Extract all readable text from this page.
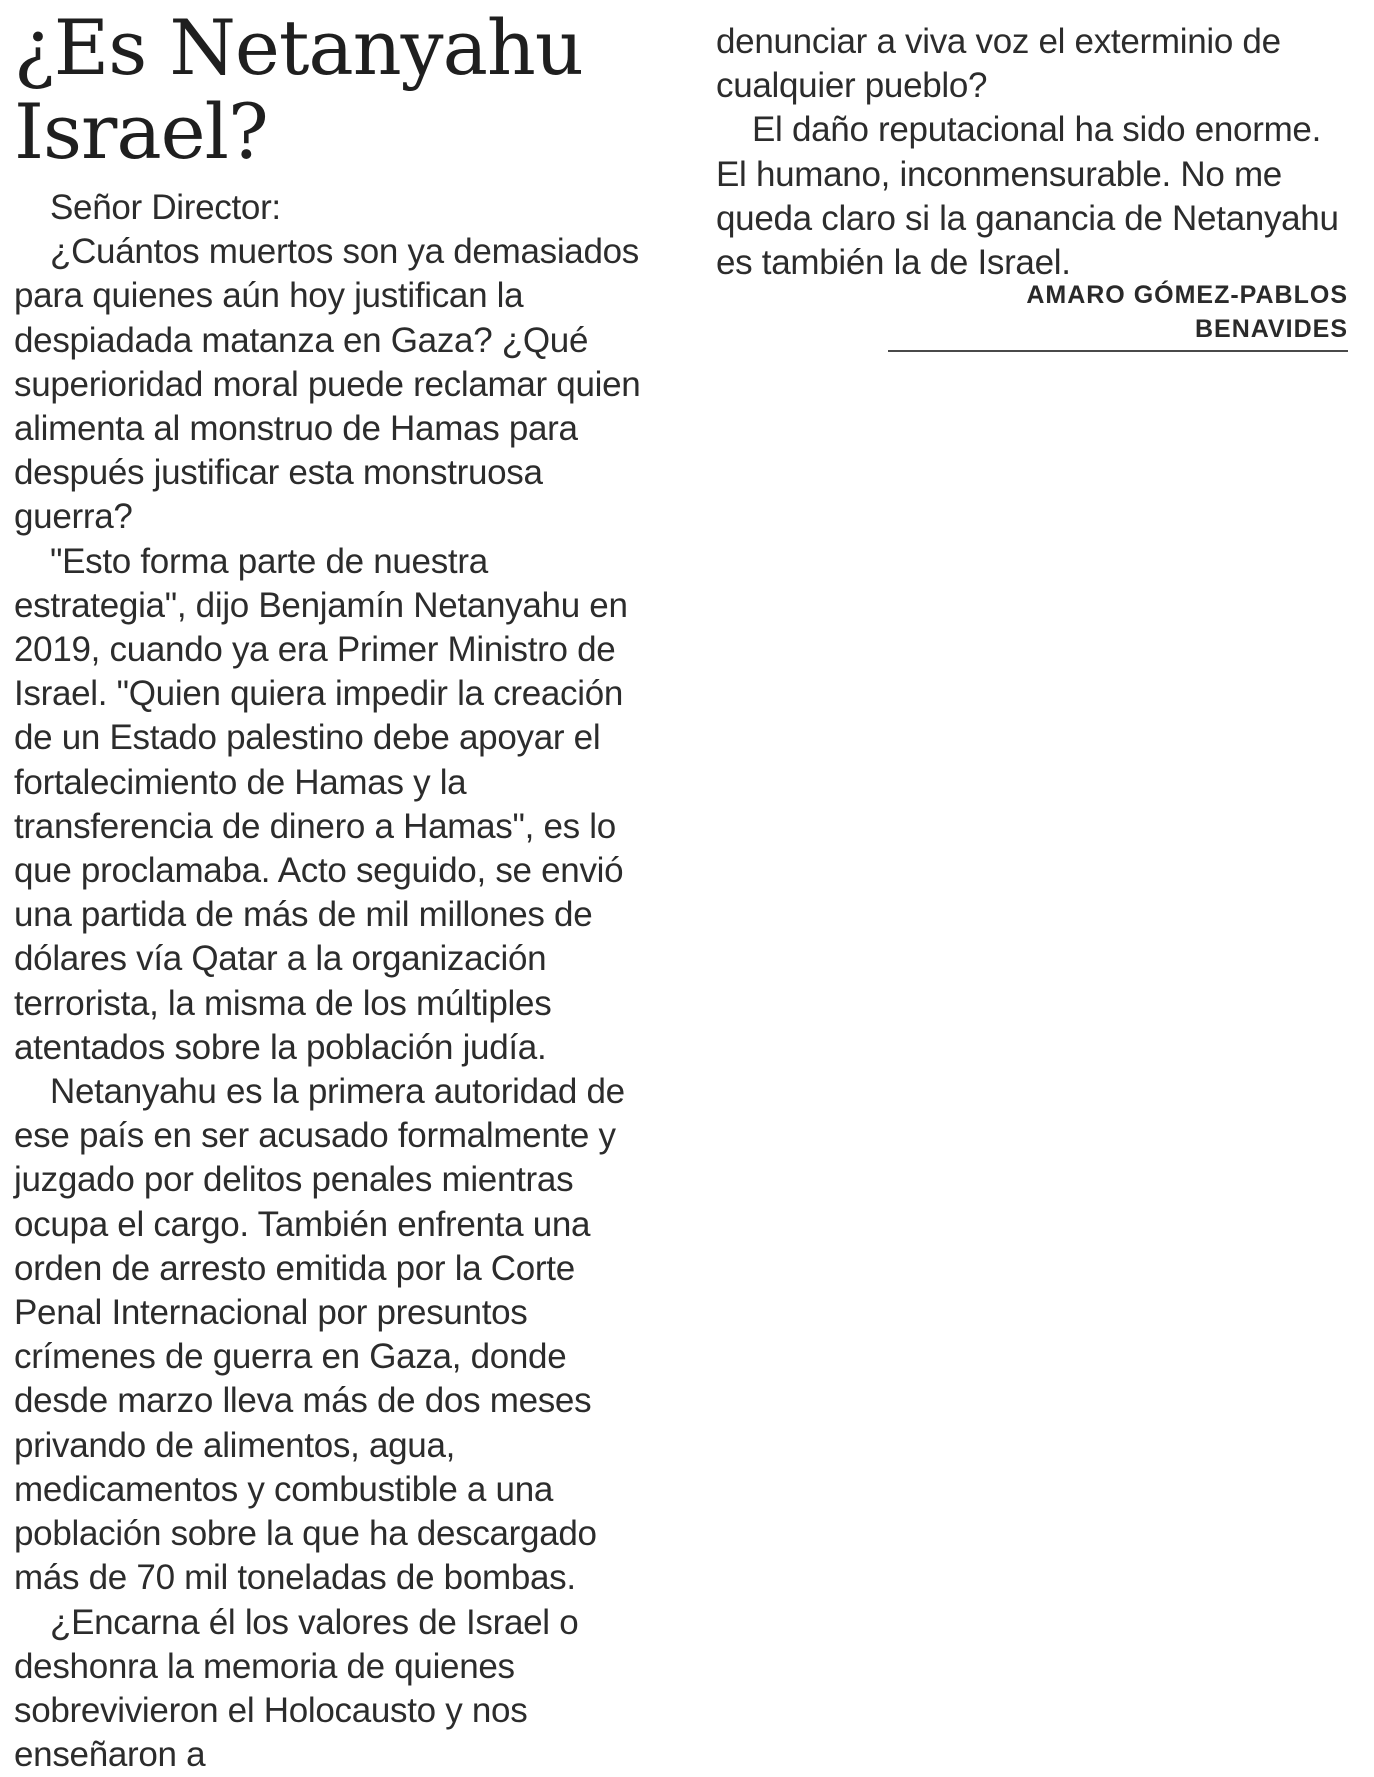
¿Es Netanyahu
Israel?

Señor Director:

¿Cuántos muertos son ya demasiados para quienes aún hoy justifican la despiadada matanza en Gaza? ¿Qué superioridad moral puede reclamar quien alimenta al monstruo de Hamas para después justificar esta monstruosa guerra?

"Esto forma parte de nuestra estrategia", dijo Benjamín Netanyahu en 2019, cuando ya era Primer Ministro de Israel. "Quien quiera impedir la creación de un Estado palestino debe apoyar el fortalecimiento de Hamas y la transferencia de dinero a Hamas", es lo que proclamaba. Acto seguido, se envió una partida de más de mil millones de dólares vía Qatar a la organización terrorista, la misma de los múltiples atentados sobre la población judía.

Netanyahu es la primera autoridad de ese país en ser acusado formalmente y juzgado por delitos penales mientras ocupa el cargo. También enfrenta una orden de arresto emitida por la Corte Penal Internacional por presuntos crímenes de guerra en Gaza, donde desde marzo lleva más de dos meses privando de alimentos, agua, medicamentos y combustible a una población sobre la que ha descargado más de 70 mil toneladas de bombas.

¿Encarna él los valores de Israel o deshonra la memoria de quienes sobrevivieron el Holocausto y nos enseñaron a

denunciar a viva voz el exterminio de cualquier pueblo?

El daño reputacional ha sido enorme. El humano, inconmensurable. No me queda claro si la ganancia de Netanyahu es también la de Israel.

AMARO GÓMEZ-PABLOS BENAVIDES
